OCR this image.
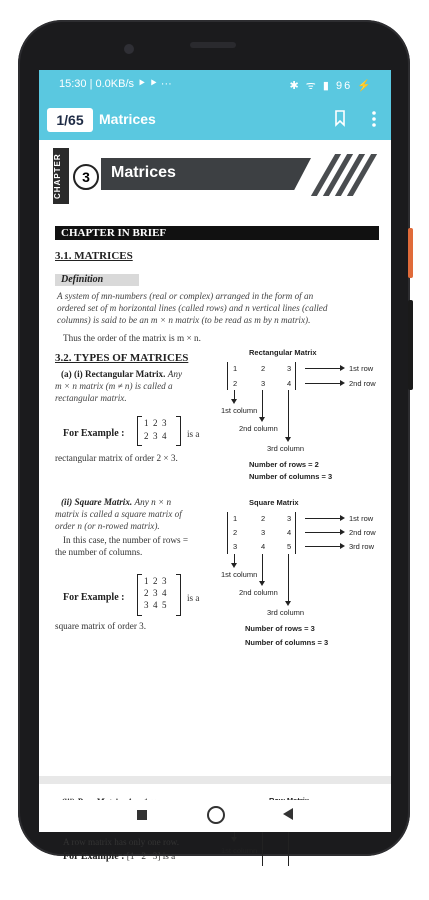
15:30 | 0.0KB/s ⯈ ⯈ ···	✱ ᯤ ▮ 96 ⚡
1/65	Matrices
CHAPTER	3	Matrices
CHAPTER IN BRIEF
3.1. MATRICES
Definition
A system of mn-numbers (real or complex) arranged in the form of an
ordered set of m horizontal lines (called rows) and n vertical lines (called
columns) is said to be an m × n matrix (to be read as m by n matrix).
Thus the order of the matrix is m × n.
3.2. TYPES OF MATRICES
(a) (i) Rectangular Matrix. Any
m × n matrix (m ≠ n) is called a
rectangular matrix.
For Example :
1  2  3
2  3  4 is a
rectangular matrix of order 2 × 3.
Rectangular Matrix
1	2	3
2	3	4
1st row
2nd row
1st column
2nd column
3rd column
Number of rows = 2
Number of columns = 3
(ii) Square Matrix. Any n × n
matrix is called a square matrix of
order n (or n-rowed matrix).
In this case, the number of rows =
the number of columns.
For Example :
1  2  3
2  3  4
3  4  5
is a
square matrix of order 3.
Square Matrix
1	2	3
2	3	4
3	4	5
1st row
2nd row
3rd row
1st column
2nd column
3rd column
Number of rows = 3
Number of columns = 3
A row matrix has only one row.
For Example : [1   2   3] is a
1st column
